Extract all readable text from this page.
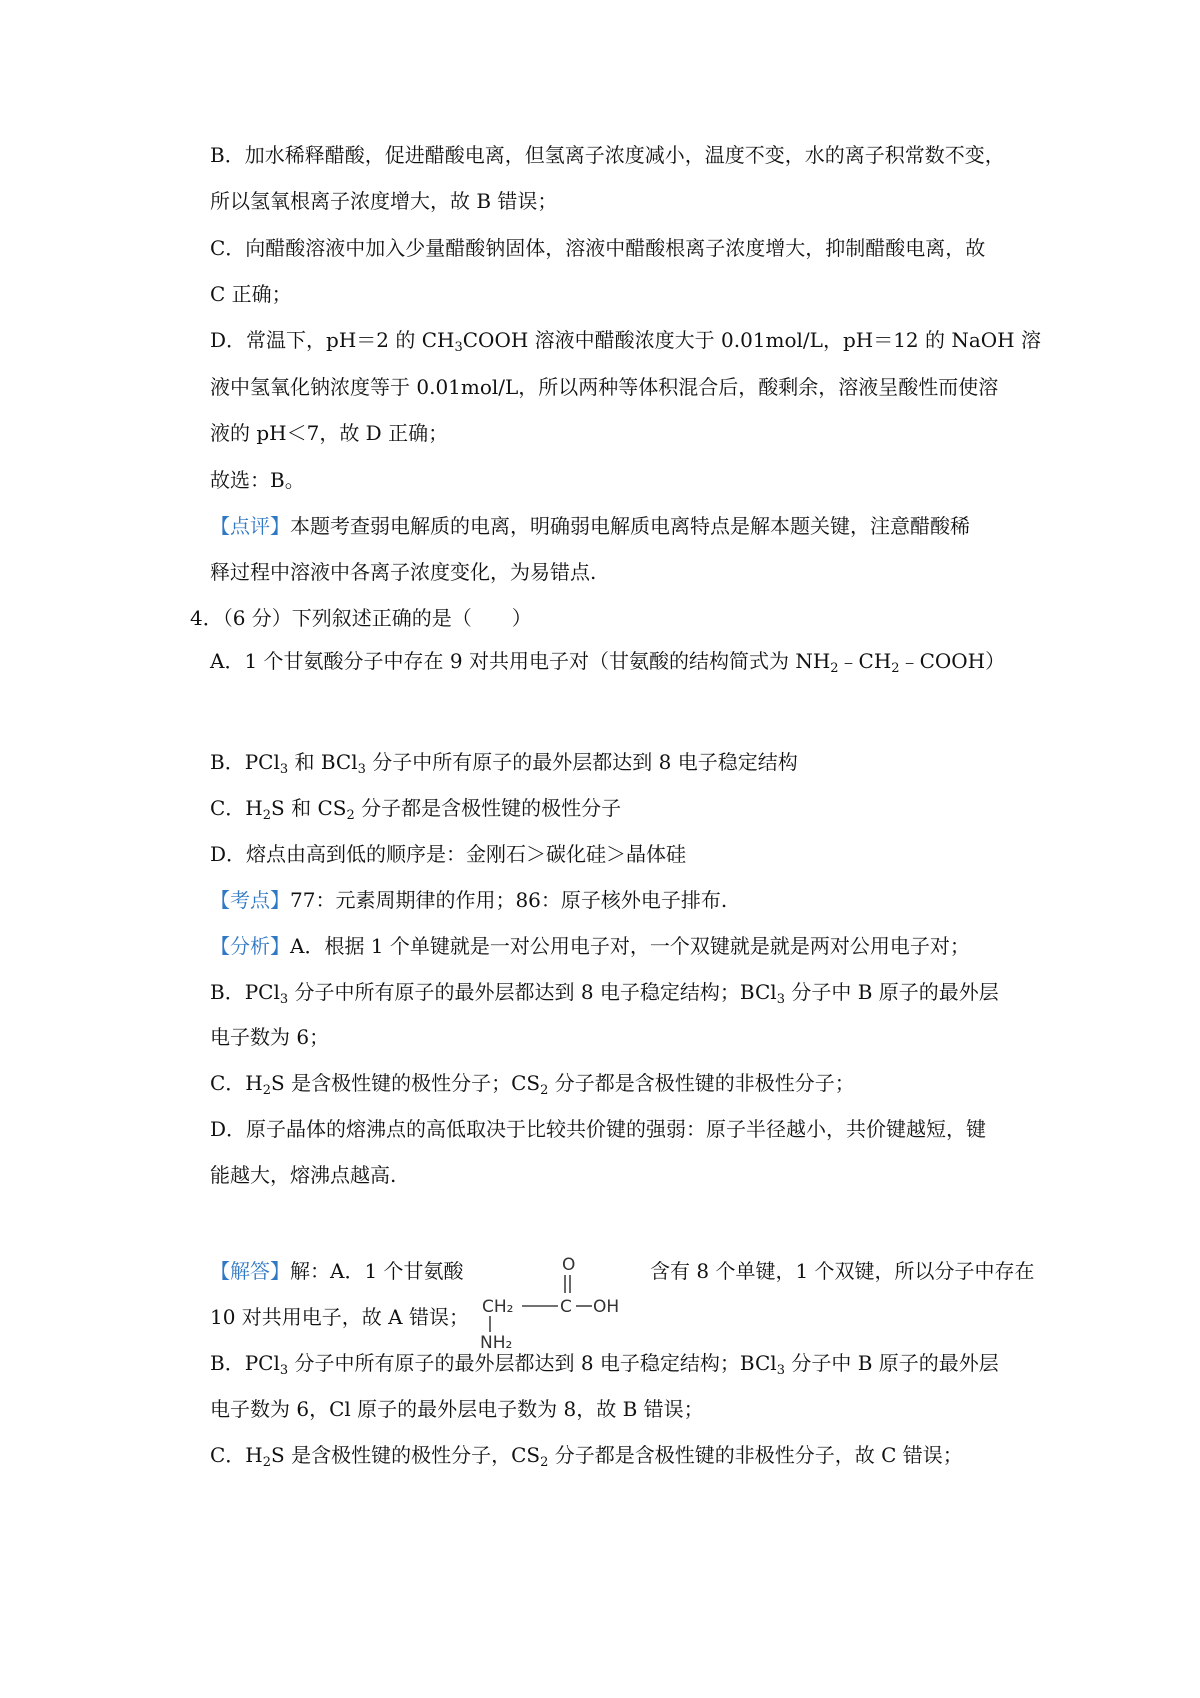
B．加水稀释醋酸，促进醋酸电离，但氢离子浓度减小，温度不变，水的离子积常数不变，
所以氢氧根离子浓度增大，故 B 错误；
C．向醋酸溶液中加入少量醋酸钠固体，溶液中醋酸根离子浓度增大，抑制醋酸电离，故
C 正确；
D．常温下，pH＝2 的 $CH_3COOH$ 溶液中醋酸浓度大于 0.01mol/L，pH＝12 的 NaOH 溶
液中氢氧化钠浓度等于 0.01mol/L，所以两种等体积混合后，酸剩余，溶液呈酸性而使溶
液的 pH＜7，故 D 正确；
故选：B。
【点评】本题考查弱电解质的电离，明确弱电解质电离特点是解本题关键，注意醋酸稀
释过程中溶液中各离子浓度变化，为易错点.
4．（6 分）下列叙述正确的是（　　）
A．1 个甘氨酸分子中存在 9 对共用电子对（甘氨酸的结构简式为 $NH_2﹣CH_2﹣COOH$）
B．PCl$_3$ 和 BCl$_3$ 分子中所有原子的最外层都达到 8 电子稳定结构
C．$H_2S$ 和 $CS_2$ 分子都是含极性键的极性分子
D．熔点由高到低的顺序是：金刚石＞碳化硅＞晶体硅
【考点】77：元素周期律的作用；86：原子核外电子排布.
【分析】A．根据 1 个单键就是一对公用电子对，一个双键就是就是两对公用电子对；
B．PCl$_3$ 分子中所有原子的最外层都达到 8 电子稳定结构；BCl$_3$ 分子中 B 原子的最外层
电子数为 6；
C．$H_2S$ 是含极性键的极性分子；$CS_2$ 分子都是含极性键的非极性分子；
D．原子晶体的熔沸点的高低取决于比较共价键的强弱：原子半径越小，共价键越短，键
能越大，熔沸点越高.
【解答】解：A．1 个甘氨酸	含有 8 个单键，1 个双键，所以分子中存在
10 对共用电子，故 A 错误；
B．PCl$_3$ 分子中所有原子的最外层都达到 8 电子稳定结构；BCl$_3$ 分子中 B 原子的最外层
电子数为 6，Cl 原子的最外层电子数为 8，故 B 错误；
C．$H_2S$ 是含极性键的极性分子，$CS_2$ 分子都是含极性键的非极性分子，故 C 错误；
O
CH₂	C OH
NH₂
